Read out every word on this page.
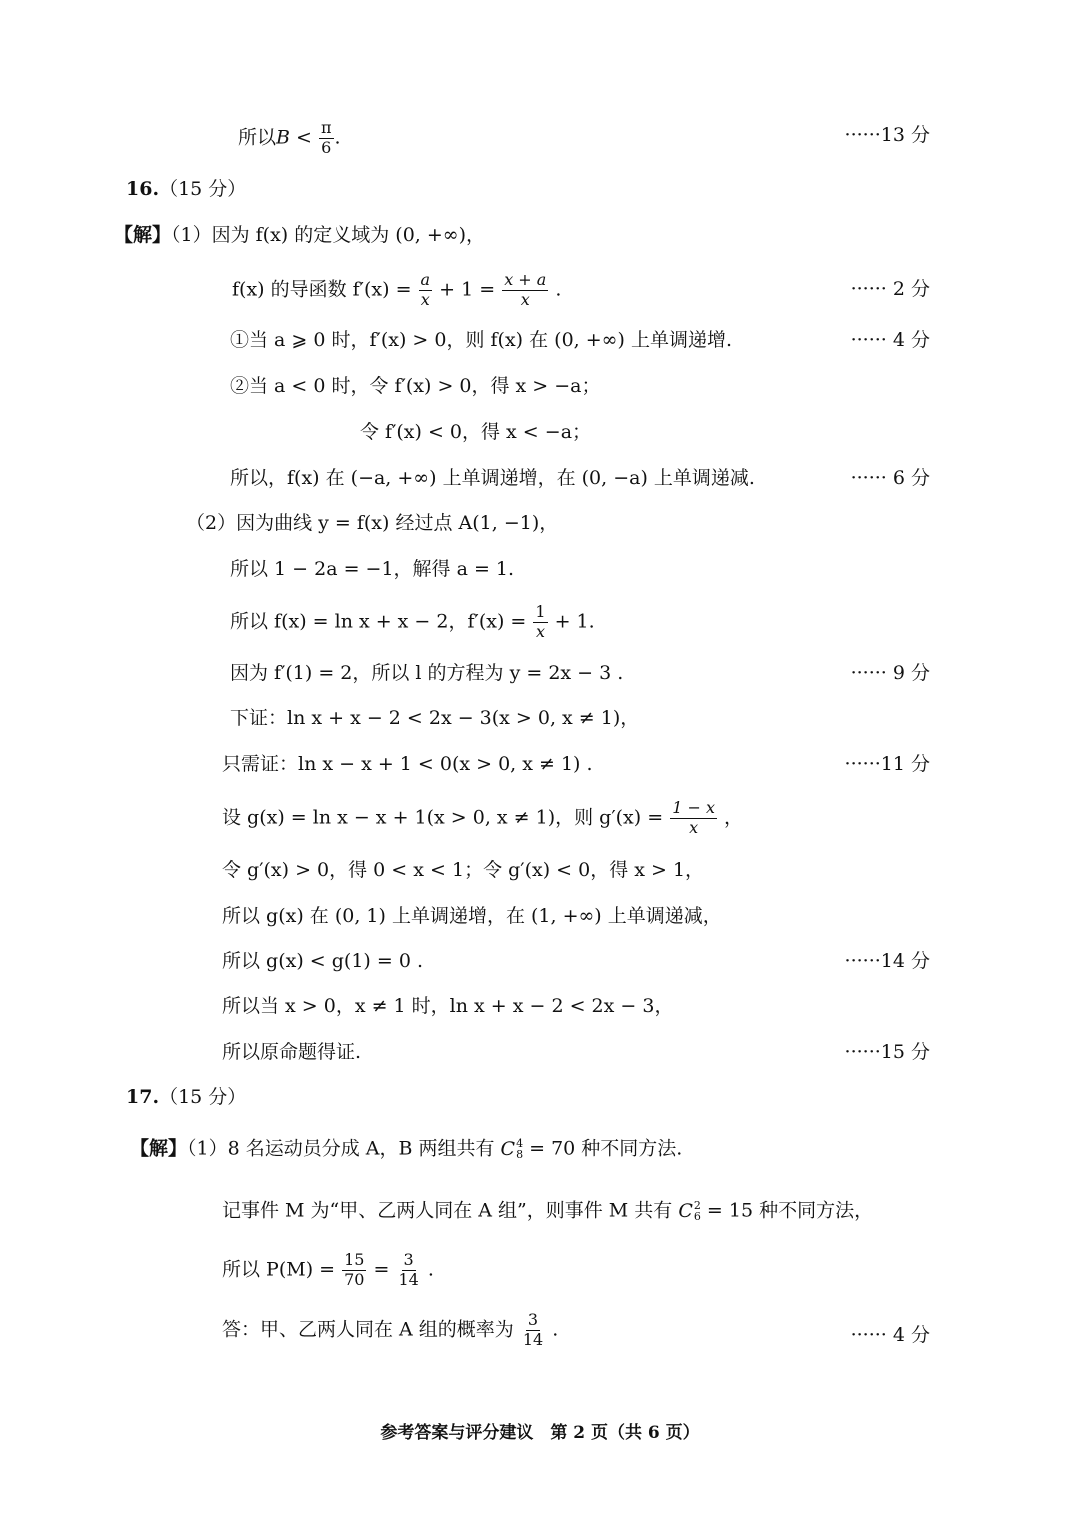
所以$B < \frac{\pi}{6}$ .	······13 分
16.（15 分）
【解】（1）因为 f(x) 的定义域为 (0, +∞)，
f(x) 的导函数 $f'(x) = \frac{a}{x} + 1 = \frac{x + a}{x}$ .	······ 2 分
①当 a ⩾ 0 时，f′(x) > 0，则 f(x) 在 (0, +∞) 上单调递增.	······ 4 分
②当 a < 0 时，令 f′(x) > 0，得 x > −a；
令 f′(x) < 0，得 x < −a；
所以，f(x) 在 (−a, +∞) 上单调递增，在 (0, −a) 上单调递减.	······ 6 分
（2）因为曲线 y = f(x) 经过点 A(1, −1)，
所以 1 − 2a = −1，解得 a = 1.
所以 f(x) = ln x + x − 2，$f'(x) = \frac{1}{x} + 1$.
因为 f′(1) = 2，所以 l 的方程为 y = 2x − 3 .	······ 9 分
下证：ln x + x − 2 < 2x − 3(x > 0, x ≠ 1)，
只需证：ln x − x + 1 < 0(x > 0, x ≠ 1) .	······11 分
设 g(x) = ln x − x + 1(x > 0, x ≠ 1)，则 $g'(x) = \frac{1 - x}{x}$ ，
令 g′(x) > 0，得 0 < x < 1；令 g′(x) < 0，得 x > 1，
所以 g(x) 在 (0, 1) 上单调递增，在 (1, +∞) 上单调递减，
所以 g(x) < g(1) = 0 .	······14 分
所以当 x > 0，x ≠ 1 时，ln x + x − 2 < 2x − 3，
所以原命题得证.	······15 分
17.（15 分）
【解】（1）8 名运动员分成 A，B 两组共有 C 4
8 = 70 种不同方法.
记事件 M 为“甲、乙两人同在 A 组”，则事件 M 共有 C 2
6 = 15 种不同方法，
所以 $P(M) = \frac{15}{70} = \frac{3}{14}$ .
答：甲、乙两人同在 A 组的概率为 $\frac{3}{14}$ .	······ 4 分
参考答案与评分建议　第 2 页（共 6 页）
